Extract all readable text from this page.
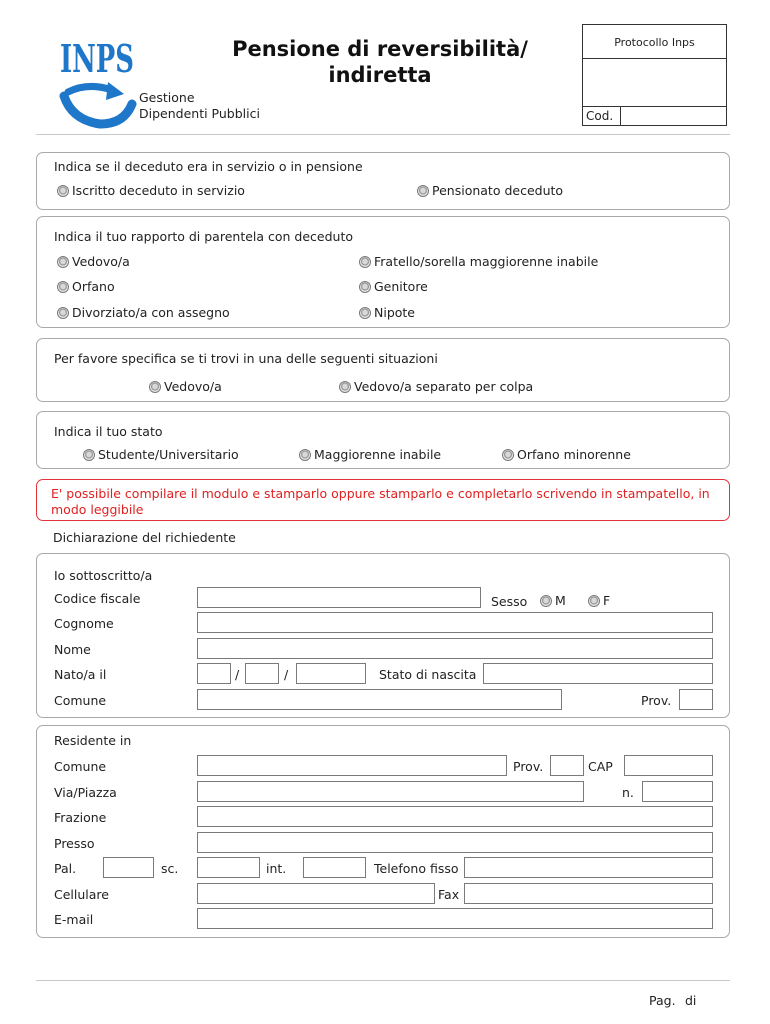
INPS	Pensione di reversibilità/
indiretta
Gestione
Dipendenti Pubblici
Protocollo Inps
Cod.
Indica se il deceduto era in servizio o in pensione
Iscritto deceduto in servizio	Pensionato deceduto
Indica il tuo rapporto di parentela con deceduto
Vedovo/a	Fratello/sorella maggiorenne inabile
Orfano	Genitore
Divorziato/a con assegno	Nipote
Per favore specifica se ti trovi in una delle seguenti situazioni
Vedovo/a	Vedovo/a separato per colpa
Indica il tuo stato
Studente/Universitario	Maggiorenne inabile	Orfano minorenne
E' possibile compilare il modulo e stamparlo oppure stamparlo e completarlo scrivendo in stampatello, in modo leggibile
Dichiarazione del richiedente
Io sottoscritto/a
Codice fiscale	Sesso	M	F
Cognome
Nome
Nato/a il	/	/	Stato di nascita
Comune	Prov.
Residente in
Comune	Prov.	CAP
Via/Piazza	n.
Frazione
Presso
Pal.	sc.	int.	Telefono fisso
Cellulare	Fax
E-mail
Pag. di
